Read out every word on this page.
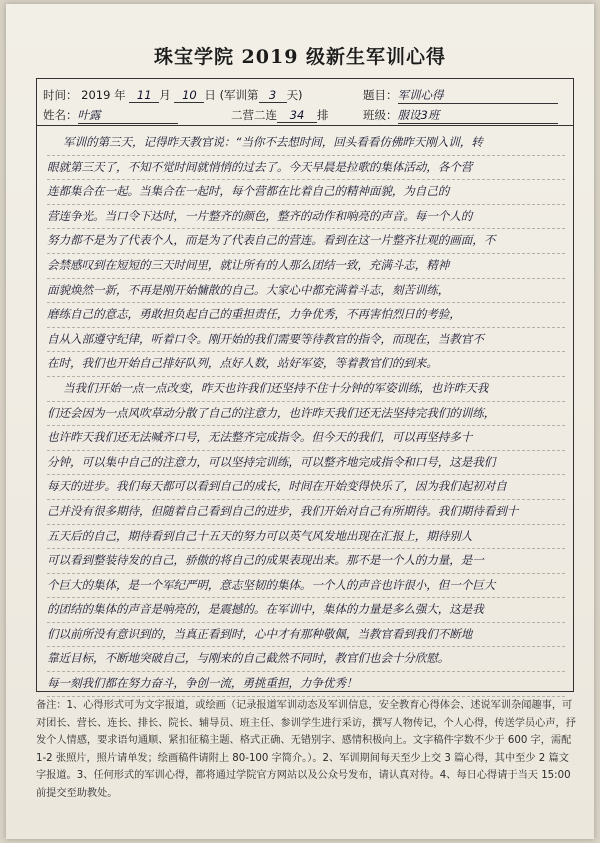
珠宝学院 2019 级新生军训心得
时间： 2019 年 11 月 10 日 (军训第 3 天)	题目：军训心得
姓名：叶露	二营二连 34 排	班级：服设3班
军训的第三天，记得昨天教官说：“当你不去想时间，回头看看仿佛昨天刚入训，转
眼就第三天了，不知不觉时间就悄悄的过去了。今天早晨是拉歌的集体活动，各个营
连都集合在一起。当集合在一起时，每个营都在比着自己的精神面貌，为自己的
营连争光。当口令下达时，一片整齐的颜色，整齐的动作和响亮的声音。每一个人的
努力都不是为了代表个人，而是为了代表自己的营连。看到在这一片整齐壮观的画面，不
会禁感叹到在短短的三天时间里，就让所有的人那么团结一致，充满斗志，精神
面貌焕然一新，不再是刚开始慵散的自己。大家心中都充满着斗志，刻苦训练，
磨练自己的意志，勇敢担负起自己的重担责任，力争优秀，不再害怕烈日的考验，
自从入部遵守纪律，听着口令。刚开始的我们需要等待教官的指令，而现在，当教官不
在时，我们也开始自己排好队列，点好人数，站好军姿，等着教官们的到来。
当我们开始一点一点改变，昨天也许我们还坚持不住十分钟的军姿训练，也许昨天我
们还会因为一点风吹草动分散了自己的注意力，也许昨天我们还无法坚持完我们的训练，
也许昨天我们还无法喊齐口号，无法整齐完成指令。但今天的我们，可以再坚持多十
分钟，可以集中自己的注意力，可以坚持完训练，可以整齐地完成指令和口号，这是我们
每天的进步。我们每天都可以看到自己的成长，时间在开始变得快乐了，因为我们起初对自
己并没有很多期待，但随着自己看到自己的进步，我们开始对自己有所期待。我们期待看到十
五天后的自己，期待看到自己十五天的努力可以英气风发地出现在汇报上，期待别人
可以看到整装待发的自己，骄傲的将自己的成果表现出来。那不是一个人的力量，是一
个巨大的集体，是一个军纪严明，意志坚韧的集体。一个人的声音也许很小，但一个巨大
的团结的集体的声音是响亮的，是震撼的。在军训中，集体的力量是多么强大，这是我
们以前所没有意识到的，当真正看到时，心中才有那种敬佩，当教官看到我们不断地
靠近目标，不断地突破自己，与刚来的自己截然不同时，教官们也会十分欣慰。
每一刻我们都在努力奋斗，争创一流，勇挑重担，力争优秀！
备注：1、心得形式可为文字报道，或绘画（记录报道军训动态及军训信息，安全教育心得体会、述说军训杂闻趣事，可对团长、营长、连长、排长、院长、辅导员、班主任、参训学生进行采访，撰写人物传记，个人心得，传送学员心声，抒发个人情感，要求语句通顺、紧扣征稿主题、格式正确、无错别字、感情积极向上。文字稿件字数不少于 600 字，需配 1-2 张照片，照片请单发；绘画稿件请附上 80-100 字简介。）。2、军训期间每天至少上交 3 篇心得，其中至少 2 篇文字报道。3、任何形式的军训心得，都将通过学院官方网站以及公众号发布，请认真对待。4、每日心得请于当天 15:00 前提交至助教处。
